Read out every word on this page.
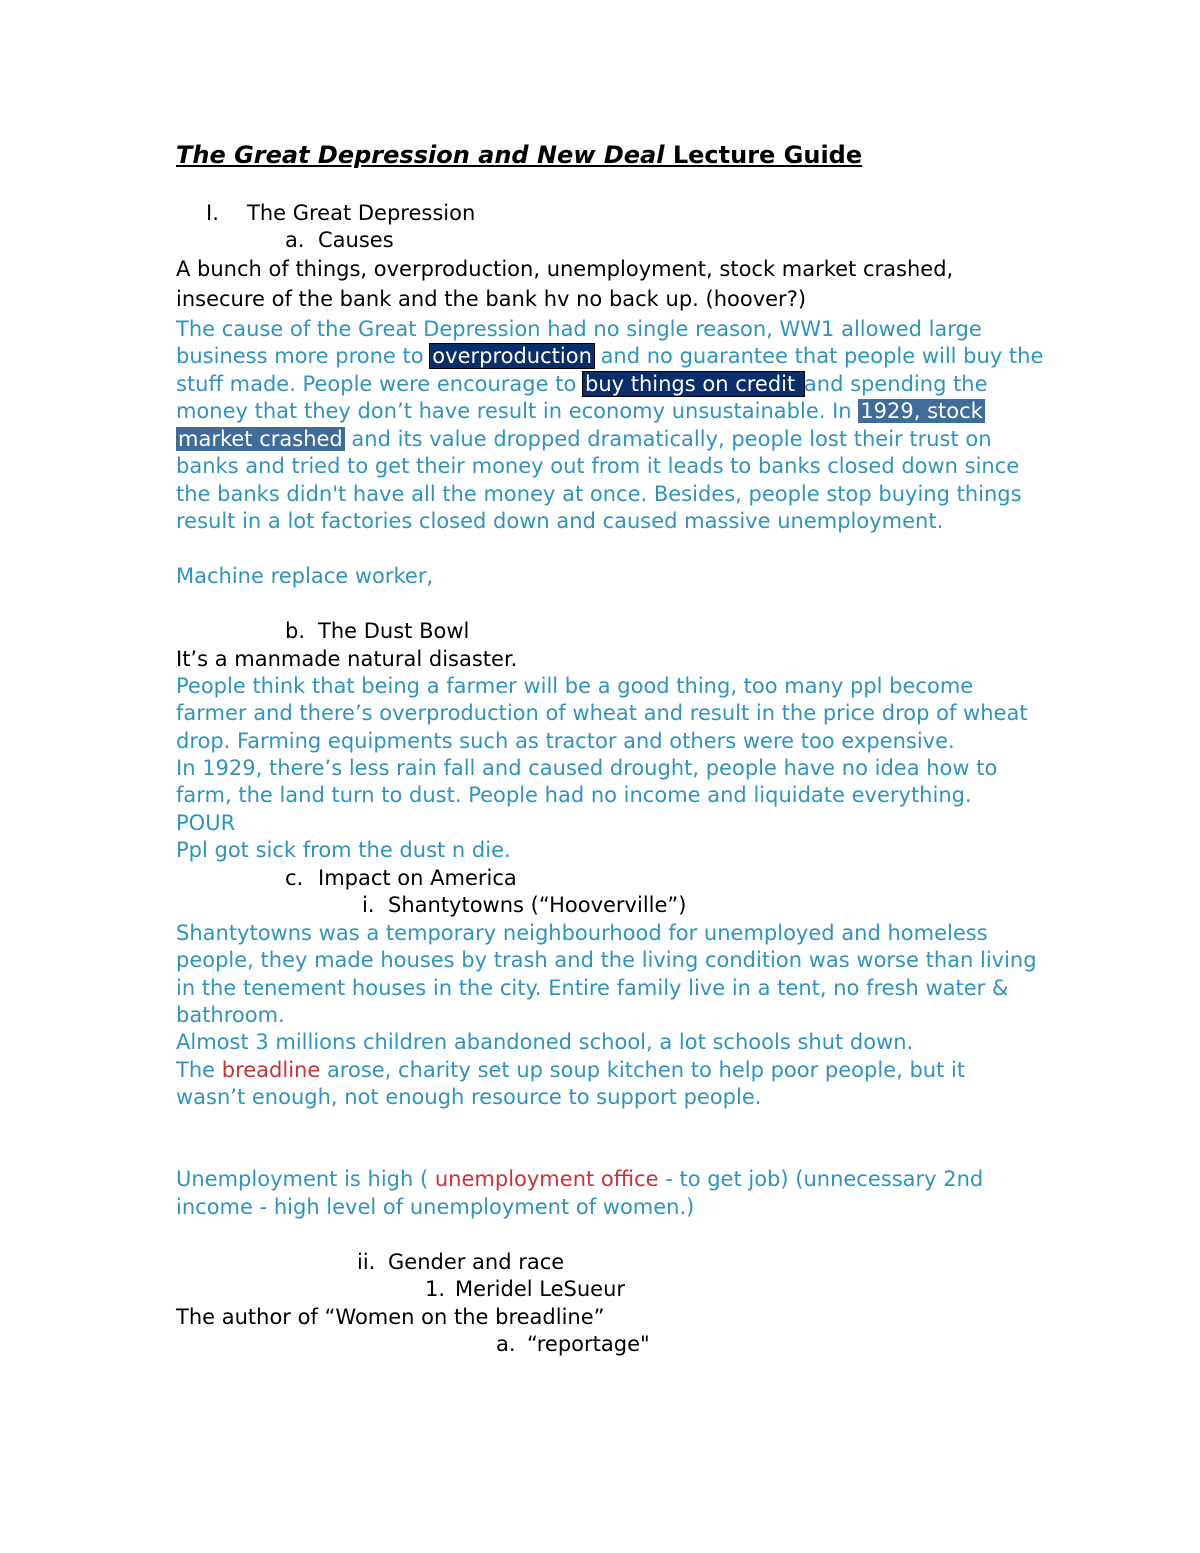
The Great Depression and New Deal Lecture Guide
I. The Great Depression
a. Causes
A bunch of things, overproduction, unemployment, stock market crashed,
insecure of the bank and the bank hv no back up. (hoover?)
The cause of the Great Depression had no single reason, WW1 allowed large
business more prone to overproduction and no guarantee that people will buy the
stuff made. People were encourage to buy things on credit and spending the
money that they don’t have result in economy unsustainable. In 1929, stock
market crashed and its value dropped dramatically, people lost their trust on
banks and tried to get their money out from it leads to banks closed down since
the banks didn't have all the money at once. Besides, people stop buying things
result in a lot factories closed down and caused massive unemployment.
Machine replace worker,
b. The Dust Bowl
It’s a manmade natural disaster.
People think that being a farmer will be a good thing, too many ppl become
farmer and there’s overproduction of wheat and result in the price drop of wheat
drop. Farming equipments such as tractor and others were too expensive.
In 1929, there’s less rain fall and caused drought, people have no idea how to
farm, the land turn to dust. People had no income and liquidate everything.
POUR
Ppl got sick from the dust n die.
c. Impact on America
i. Shantytowns (“Hooverville”)
Shantytowns was a temporary neighbourhood for unemployed and homeless
people, they made houses by trash and the living condition was worse than living
in the tenement houses in the city. Entire family live in a tent, no fresh water &
bathroom.
Almost 3 millions children abandoned school, a lot schools shut down.
The breadline arose, charity set up soup kitchen to help poor people, but it
wasn’t enough, not enough resource to support people.
Unemployment is high ( unemployment office - to get job) (unnecessary 2nd
income - high level of unemployment of women.)
ii. Gender and race
1. Meridel LeSueur
The author of “Women on the breadline”
a. “reportage"
